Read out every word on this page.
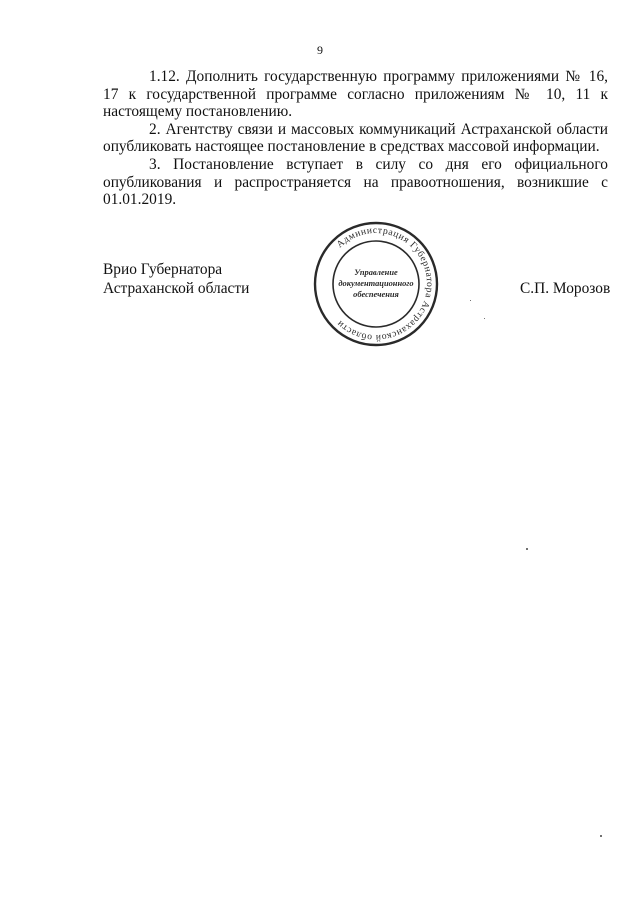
9

1.12. Дополнить государственную программу приложениями № 16, 17 к государственной программе согласно приложениям № 10, 11 к настоящему постановлению.

2. Агентству связи и массовых коммуникаций Астраханской области опубликовать настоящее постановление в средствах массовой информации.

3. Постановление вступает в силу со дня его официального опубликования и распространяется на правоотношения, возникшие с 01.01.2019.

Врио Губернатора
Астраханской области	С.П. Морозов
Администрация Губернатора Астраханской области
Управление
документационного
обеспечения
